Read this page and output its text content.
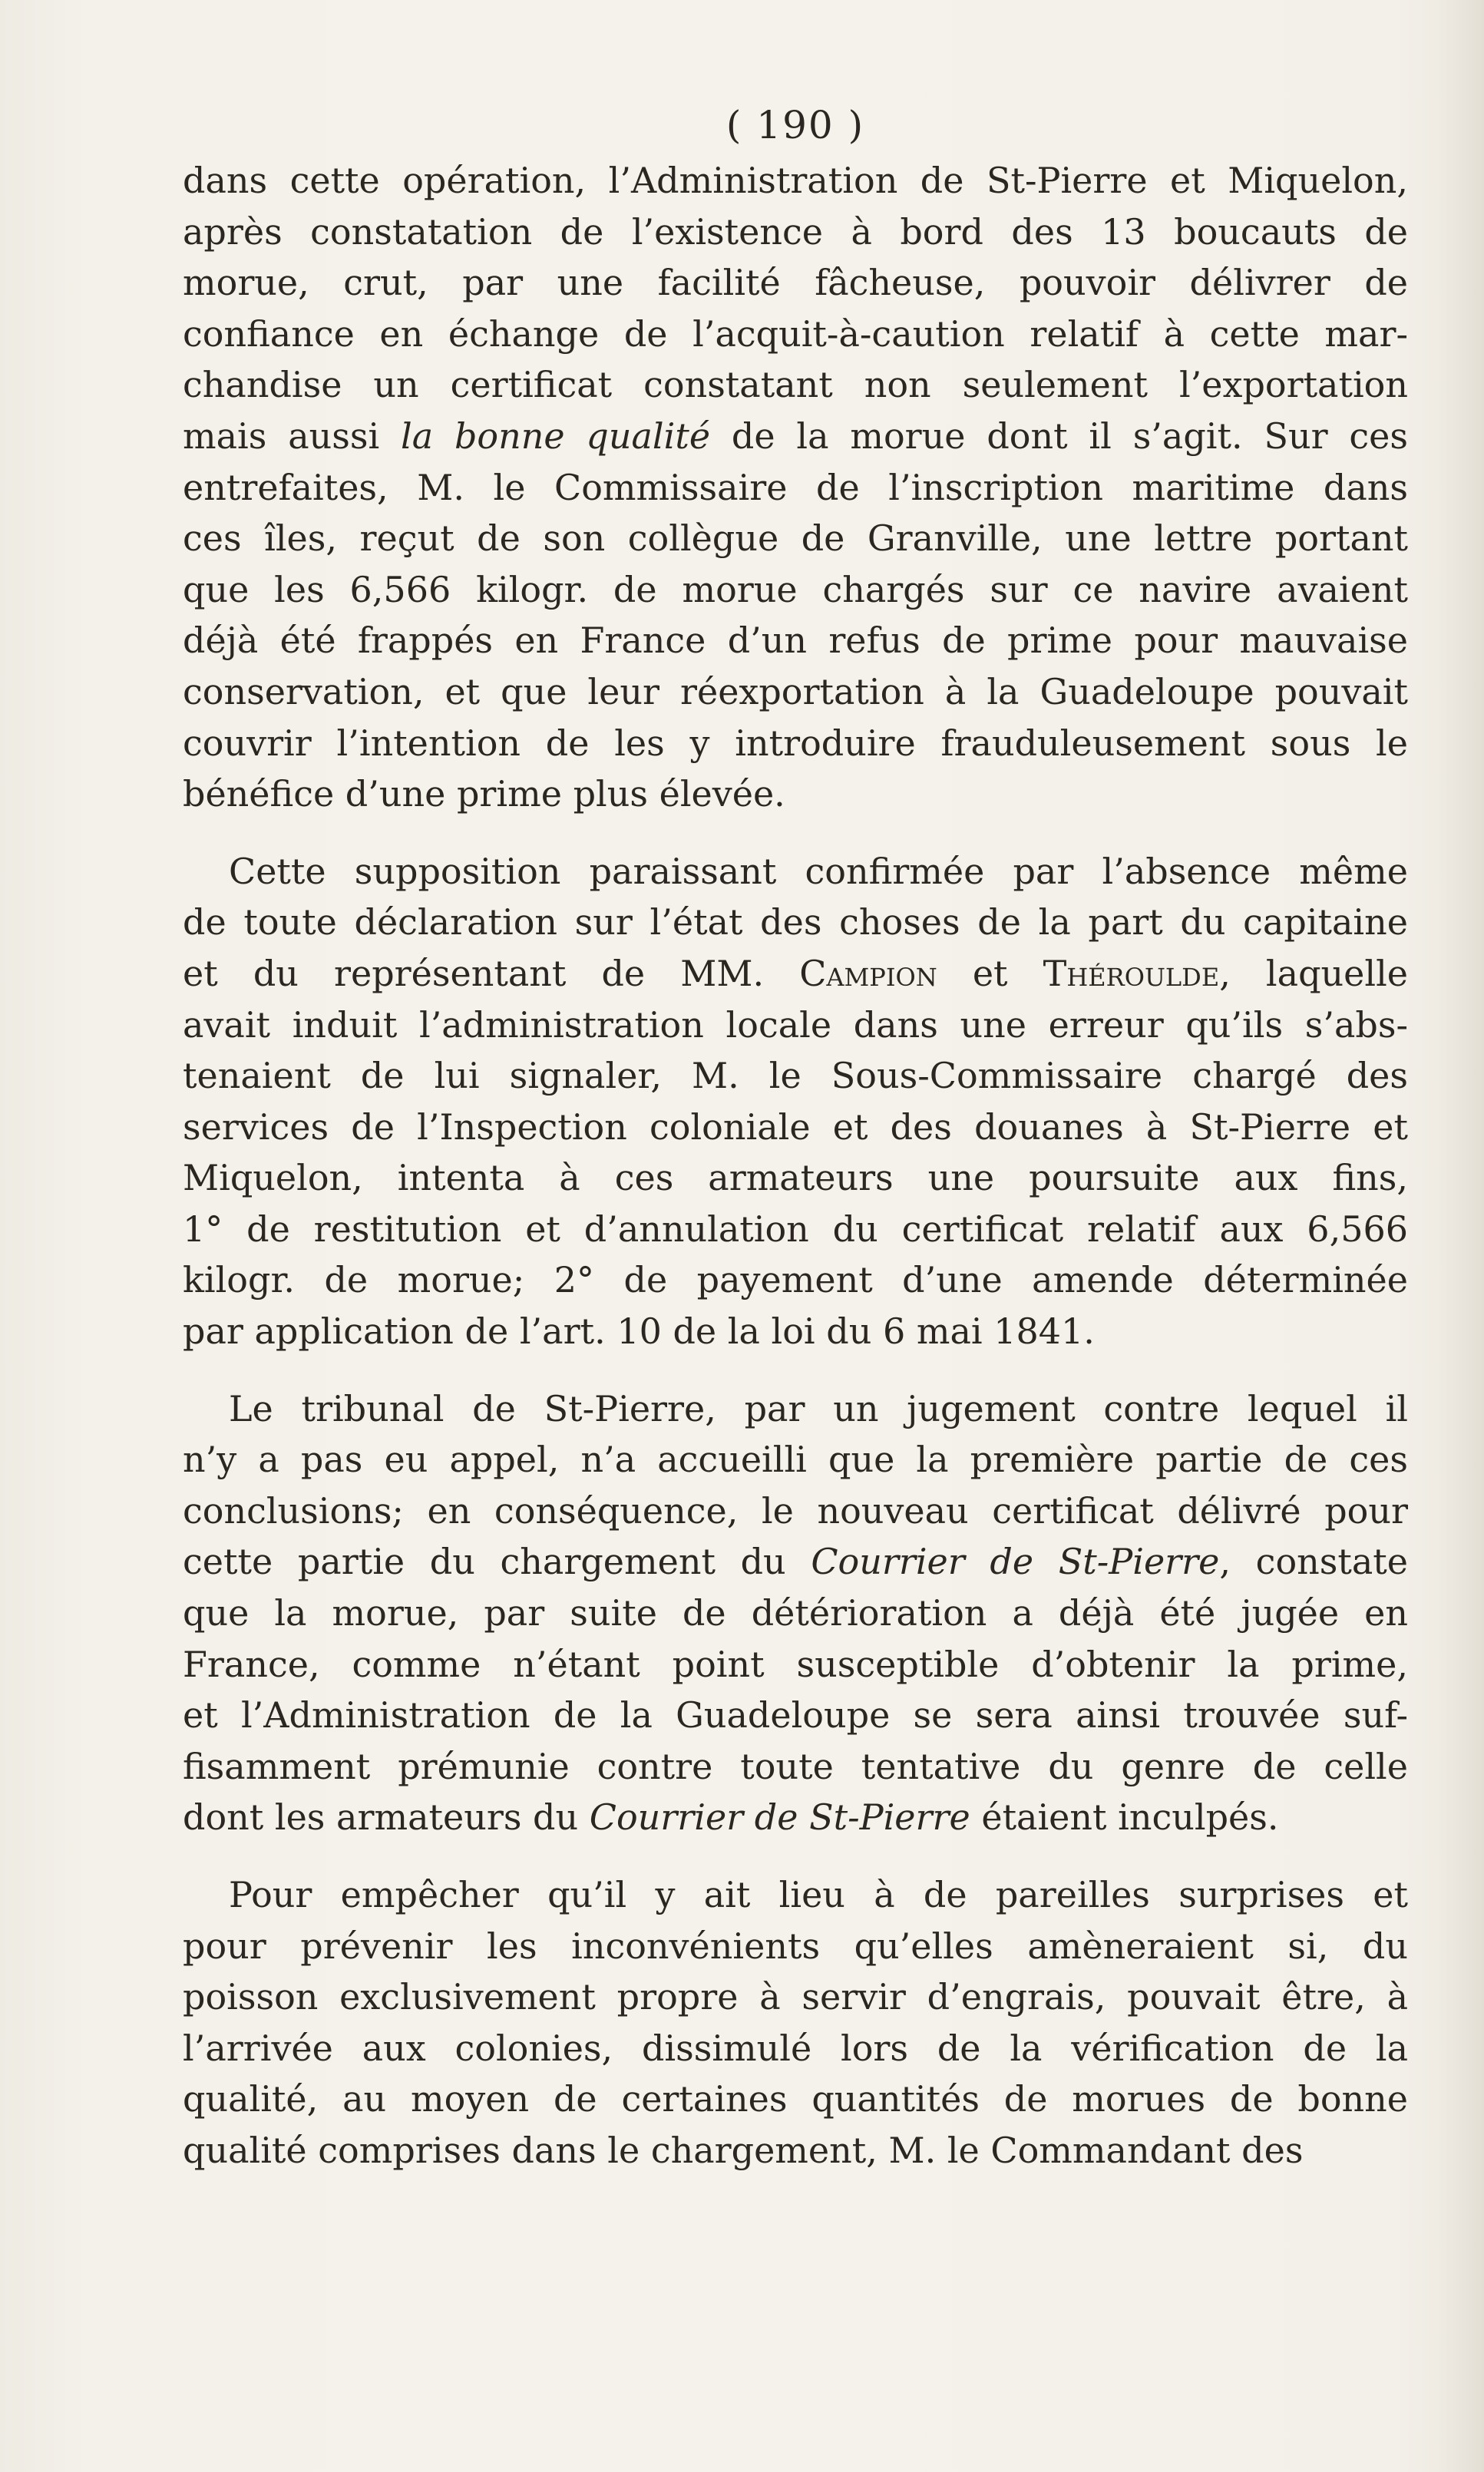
( 190 )
dans cette opération, l’Administration de St-Pierre et Miquelon,
après constatation de l’existence à bord des 13 boucauts de
morue, crut, par une facilité fâcheuse, pouvoir délivrer de
confiance en échange de l’acquit-à-caution relatif à cette mar-
chandise un certificat constatant non seulement l’exportation
mais aussi la bonne qualité de la morue dont il s’agit. Sur ces
entrefaites, M. le Commissaire de l’inscription maritime dans
ces îles, reçut de son collègue de Granville, une lettre portant
que les 6,566 kilogr. de morue chargés sur ce navire avaient
déjà été frappés en France d’un refus de prime pour mauvaise
conservation, et que leur réexportation à la Guadeloupe pouvait
couvrir l’intention de les y introduire frauduleusement sous le
bénéfice d’une prime plus élevée.
Cette supposition paraissant confirmée par l’absence même
de toute déclaration sur l’état des choses de la part du capitaine
et du représentant de MM. Campion et Théroulde, laquelle
avait induit l’administration locale dans une erreur qu’ils s’abs-
tenaient de lui signaler, M. le Sous-Commissaire chargé des
services de l’Inspection coloniale et des douanes à St-Pierre et
Miquelon, intenta à ces armateurs une poursuite aux fins,
1° de restitution et d’annulation du certificat relatif aux 6,566
kilogr. de morue; 2° de payement d’une amende déterminée
par application de l’art. 10 de la loi du 6 mai 1841.
Le tribunal de St-Pierre, par un jugement contre lequel il
n’y a pas eu appel, n’a accueilli que la première partie de ces
conclusions; en conséquence, le nouveau certificat délivré pour
cette partie du chargement du Courrier de St-Pierre, constate
que la morue, par suite de détérioration a déjà été jugée en
France, comme n’étant point susceptible d’obtenir la prime,
et l’Administration de la Guadeloupe se sera ainsi trouvée suf-
fisamment prémunie contre toute tentative du genre de celle
dont les armateurs du Courrier de St-Pierre étaient inculpés.
Pour empêcher qu’il y ait lieu à de pareilles surprises et
pour prévenir les inconvénients qu’elles amèneraient si, du
poisson exclusivement propre à servir d’engrais, pouvait être, à
l’arrivée aux colonies, dissimulé lors de la vérification de la
qualité, au moyen de certaines quantités de morues de bonne
qualité comprises dans le chargement, M. le Commandant des
